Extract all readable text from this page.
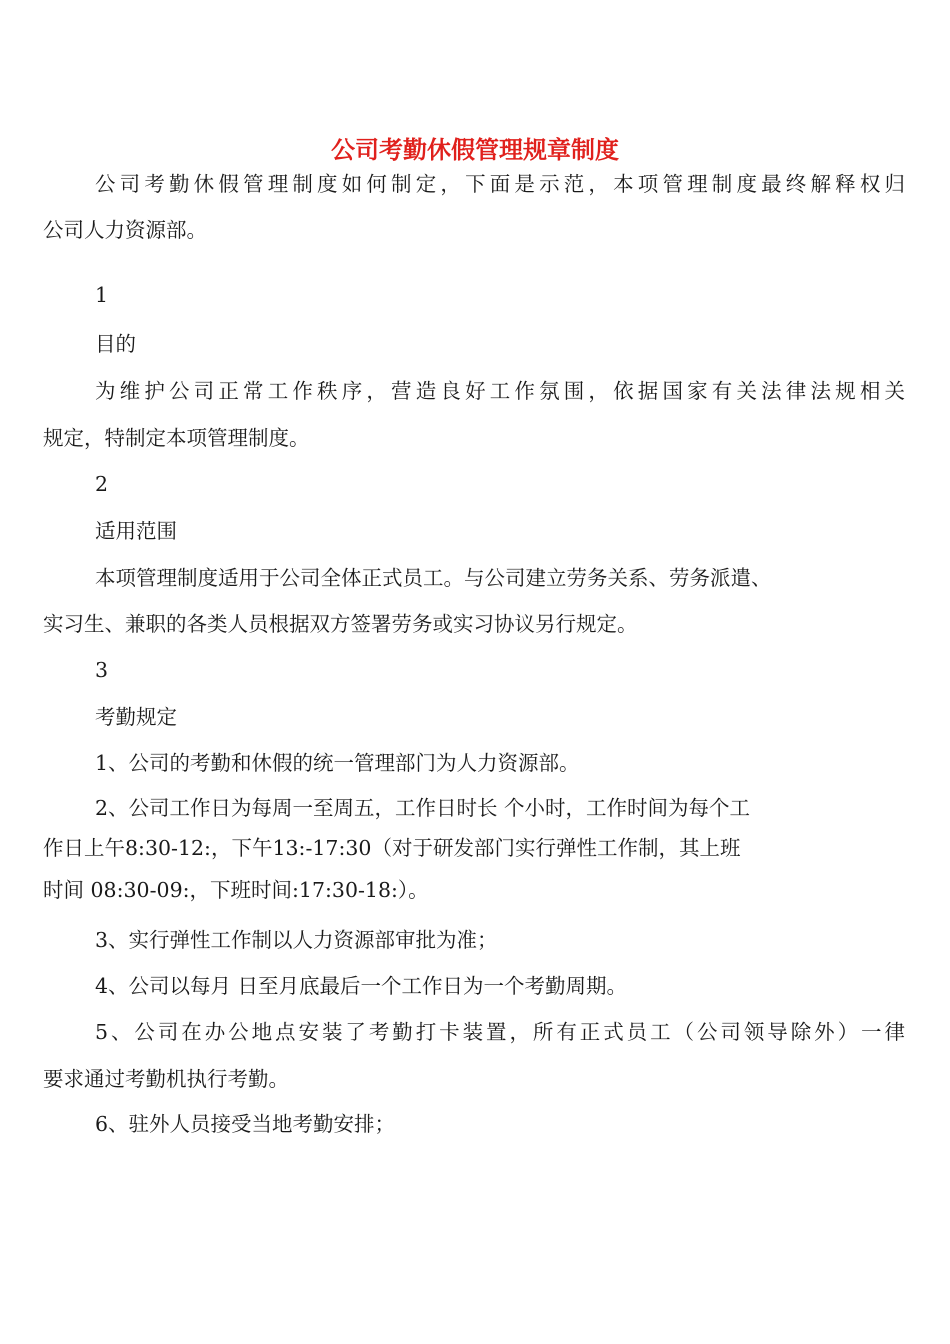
公司考勤休假管理规章制度

公司考勤休假管理制度如何制定，下面是示范，本项管理制度最终解释权归

公司人力资源部。

1

目的

为维护公司正常工作秩序，营造良好工作氛围，依据国家有关法律法规相关

规定，特制定本项管理制度。

2

适用范围

本项管理制度适用于公司全体正式员工。与公司建立劳务关系、劳务派遣、

实习生、兼职的各类人员根据双方签署劳务或实习协议另行规定。

3

考勤规定

1、公司的考勤和休假的统一管理部门为人力资源部。

2、公司工作日为每周一至周五，工作日时长 个小时，工作时间为每个工

作日上午8:30-12:，下午13:-17:30（对于研发部门实行弹性工作制，其上班

时间 08:30-09:，下班时间:17:30-18:）。

3、实行弹性工作制以人力资源部审批为准；

4、公司以每月 日至月底最后一个工作日为一个考勤周期。

5、公司在办公地点安装了考勤打卡装置，所有正式员工（公司领导除外）一律

要求通过考勤机执行考勤。

6、驻外人员接受当地考勤安排；
